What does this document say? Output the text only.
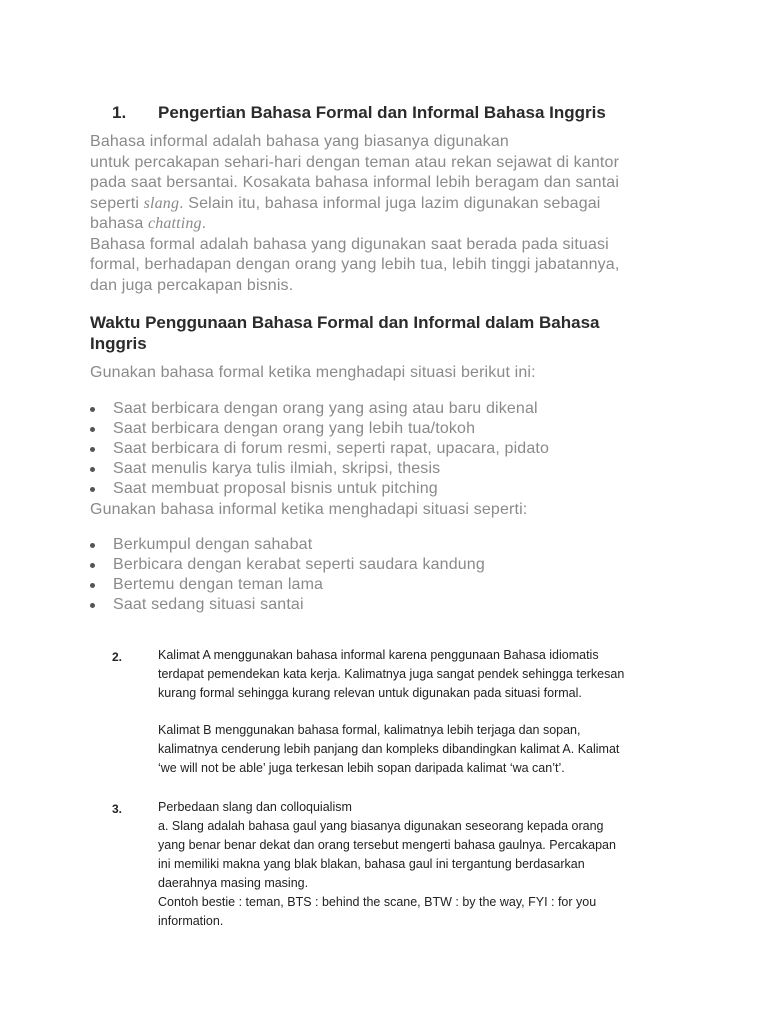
1. Pengertian Bahasa Formal dan Informal Bahasa Inggris
Bahasa informal adalah bahasa yang biasanya digunakan
untuk percakapan sehari-hari dengan teman atau rekan sejawat di kantor
pada saat bersantai. Kosakata bahasa informal lebih beragam dan santai
seperti slang. Selain itu, bahasa informal juga lazim digunakan sebagai
bahasa chatting.
Bahasa formal adalah bahasa yang digunakan saat berada pada situasi
formal, berhadapan dengan orang yang lebih tua, lebih tinggi jabatannya,
dan juga percakapan bisnis.
Waktu Penggunaan Bahasa Formal dan Informal dalam Bahasa
Inggris
Gunakan bahasa formal ketika menghadapi situasi berikut ini:
Saat berbicara dengan orang yang asing atau baru dikenal
Saat berbicara dengan orang yang lebih tua/tokoh
Saat berbicara di forum resmi, seperti rapat, upacara, pidato
Saat menulis karya tulis ilmiah, skripsi, thesis
Saat membuat proposal bisnis untuk pitching
Gunakan bahasa informal ketika menghadapi situasi seperti:
Berkumpul dengan sahabat
Berbicara dengan kerabat seperti saudara kandung
Bertemu dengan teman lama
Saat sedang situasi santai
2.	Kalimat A menggunakan bahasa informal karena penggunaan Bahasa idiomatis
terdapat pemendekan kata kerja. Kalimatnya juga sangat pendek sehingga terkesan
kurang formal sehingga kurang relevan untuk digunakan pada situasi formal.
Kalimat B menggunakan bahasa formal, kalimatnya lebih terjaga dan sopan,
kalimatnya cenderung lebih panjang dan kompleks dibandingkan kalimat A. Kalimat
‘we will not be able’ juga terkesan lebih sopan daripada kalimat ‘wa can’t’.
3.	Perbedaan slang dan colloquialism
a. Slang adalah bahasa gaul yang biasanya digunakan seseorang kepada orang
yang benar benar dekat dan orang tersebut mengerti bahasa gaulnya. Percakapan
ini memiliki makna yang blak blakan, bahasa gaul ini tergantung berdasarkan
daerahnya masing masing.
Contoh bestie : teman, BTS : behind the scane, BTW : by the way, FYI : for you
information.
